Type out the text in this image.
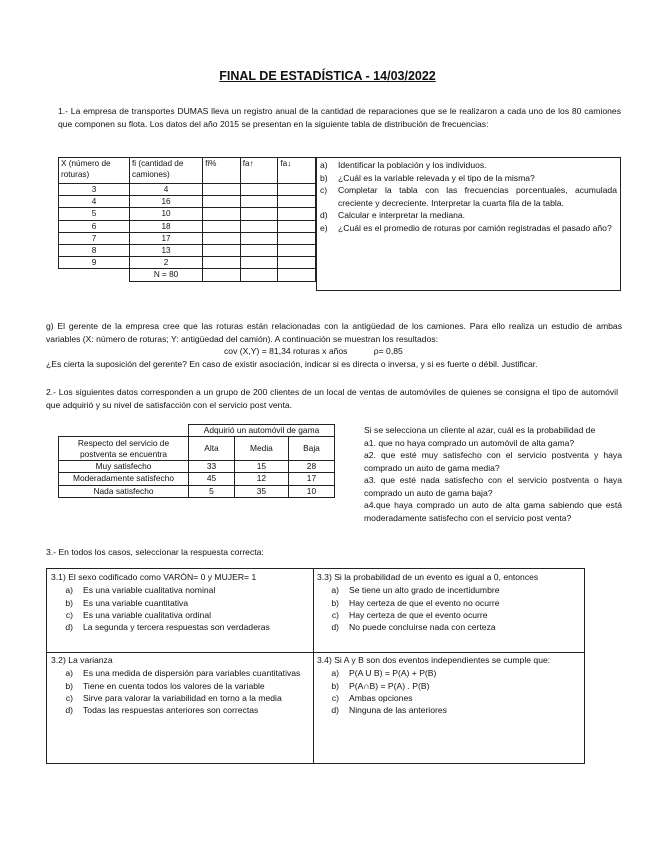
FINAL DE ESTADÍSTICA - 14/03/2022
1.- La empresa de transportes DUMAS lleva un registro anual de la cantidad de reparaciones que se le realizaron a cada uno de los 80 camiones que componen su flota. Los datos del año 2015 se presentan en la siguiente tabla de distribución de frecuencias:
X (número de roturas)	fi (cantidad de camiones)	fi%	fa↑	fa↓
3	4			
4	16			
5	10			
6	18			
7	17			
8	13			
9	2			
	N = 80			
a)	Identificar la población y los individuos.
b)	¿Cuál es la variable relevada y el tipo de la misma?
c)	Completar la tabla con las frecuencias porcentuales, acumulada creciente y decreciente. Interpretar la cuarta fila de la tabla.
d)	Calcular e interpretar la mediana.
e)	¿Cuál es el promedio de roturas por camión registradas el pasado año?
g) El gerente de la empresa cree que las roturas están relacionadas con la antigüedad de los camiones. Para ello realiza un estudio de ambas variables (X: número de roturas; Y: antigüedad del camión). A continuación se muestran los resultados:
cov (X,Y) = 81,34 roturas x años           ρ= 0,85
¿Es cierta la suposición del gerente? En caso de existir asociación, indicar si es directa o inversa, y si es fuerte o débil. Justificar.
2.- Los siguientes datos corresponden a un grupo de 200 clientes de un local de ventas de automóviles de quienes se consigna el tipo de automóvil que adquirió y su nivel de satisfacción con el servicio post venta.
	Adquirió un automóvil de gama		
Respecto del servicio de postventa se encuentra	Alta	Media	Baja
Muy satisfecho	33	15	28
Moderadamente satisfecho	45	12	17
Nada satisfecho	5	35	10
Si se selecciona un cliente al azar, cuál es la probabilidad de
a1. que no haya comprado un automóvil de alta gama?
a2. que esté muy satisfecho con el servicio postventa y haya comprado un auto de gama media?
a3. que esté nada satisfecho con el servicio postventa o haya comprado un auto de gama baja?
a4.que haya comprado un auto de alta gama sabiendo que está moderadamente satisfecho con el servicio post venta?
3.- En todos los casos, seleccionar la respuesta correcta:
3.1) El sexo codificado como VARÓN= 0 y MUJER= 1
a)	Es una variable cualitativa nominal
b)	Es una variable cuantitativa
c)	Es una variable cualitativa ordinal
d)	La segunda y tercera respuestas son verdaderas
3.3) Si la probabilidad de un evento es igual a 0, entonces
a)	Se tiene un alto grado de incertidumbre
b)	Hay certeza de que el evento no ocurre
c)	Hay certeza de que el evento ocurre
d)	No puede concluirse nada con certeza
3.2) La varianza
a)	Es una medida de dispersión para variables cuantitativas
b)	Tiene en cuenta todos los valores de la variable
c)	Sirve para valorar la variabilidad en torno a la media
d)	Todas las respuestas anteriores son correctas
3.4) Si A y B son dos eventos independientes se cumple que:
a)	P(A U B) = P(A) + P(B)
b)	P(A∩B) = P(A) . P(B)
c)	Ambas opciones
d)	Ninguna de las anteriores
